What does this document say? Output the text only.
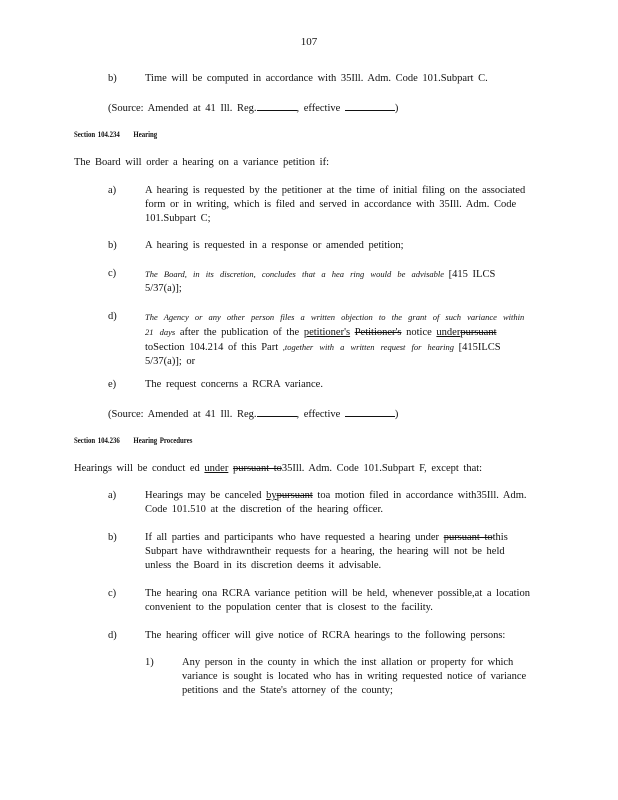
107
b)	Time will be computed in accordance with 35Ill. Adm. Code 101.Subpart C.
(Source: Amended at 41 Ill. Reg.	, effective	)
Section 104.234 Hearing
The Board will order a hearing on a variance petition if:
a)	A hearing is requested by the petitioner at the time of initial filing on the associated form or in writing, which is filed and served in accordance with 35Ill. Adm. Code 101.Subpart C;
b)	A hearing is requested in a response or amended petition;
c)	The Board, in its discretion, concludes that a hea ring would be advisable [415 ILCS 5/37(a)];
d)	The Agency or any other person files a written objection to the grant of such variance within 21 days after the publication of the petitioner's Petitioner's notice underpursuant toSection 104.214 of this Part ,together with a written request for hearing [415ILCS 5/37(a)]; or
e)	The request concerns a RCRA variance.
(Source: Amended at 41 Ill. Reg.	, effective	)
Section 104.236 Hearing Procedures
Hearings will be conduct ed under pursuant to35Ill. Adm. Code 101.Subpart F, except that:
a)	Hearings may be canceled bypursuant toa motion filed in accordance with35Ill. Adm. Code 101.510 at the discretion of the hearing officer.
b)	If all parties and participants who have requested a hearing under pursuant tothis Subpart have withdrawntheir requests for a hearing, the hearing will not be held unless the Board in its discretion deems it advisable.
c)	The hearing ona RCRA variance petition will be held, whenever possible,at a location convenient to the population center that is closest to the facility.
d)	The hearing officer will give notice of RCRA hearings to the following persons:
1)	Any person in the county in which the inst allation or property for which variance is sought is located who has in writing requested notice of variance petitions and the State's attorney of the county;
